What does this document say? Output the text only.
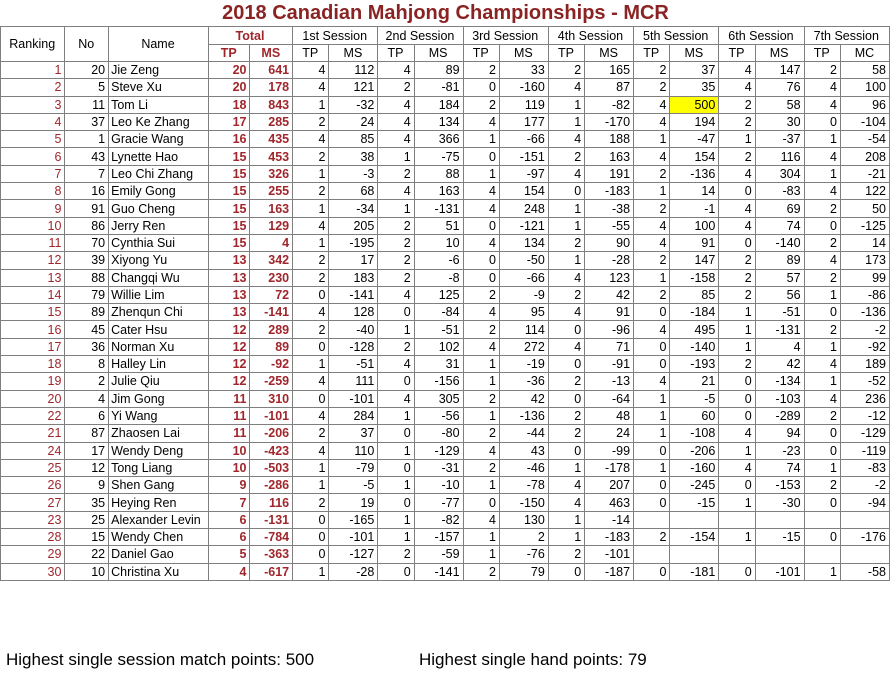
2018 Canadian Mahjong Championships - MCR
Ranking	No	Name	Total		1st Session		2nd Session		3rd Session		4th Session		5th Session		6th Session		7th Session	
			TP	MS	TP	MS	TP	MS	TP	MS	TP	MS	TP	MS	TP	MS	TP	MC
1	20	Jie Zeng	20	641	4	112	4	89	2	33	2	165	2	37	4	147	2	58
2	5	Steve Xu	20	178	4	121	2	-81	0	-160	4	87	2	35	4	76	4	100
3	11	Tom Li	18	843	1	-32	4	184	2	119	1	-82	4	500	2	58	4	96
4	37	Leo Ke Zhang	17	285	2	24	4	134	4	177	1	-170	4	194	2	30	0	-104
5	1	Gracie Wang	16	435	4	85	4	366	1	-66	4	188	1	-47	1	-37	1	-54
6	43	Lynette Hao	15	453	2	38	1	-75	0	-151	2	163	4	154	2	116	4	208
7	7	Leo Chi Zhang	15	326	1	-3	2	88	1	-97	4	191	2	-136	4	304	1	-21
8	16	Emily Gong	15	255	2	68	4	163	4	154	0	-183	1	14	0	-83	4	122
9	91	Guo Cheng	15	163	1	-34	1	-131	4	248	1	-38	2	-1	4	69	2	50
10	86	Jerry Ren	15	129	4	205	2	51	0	-121	1	-55	4	100	4	74	0	-125
11	70	Cynthia Sui	15	4	1	-195	2	10	4	134	2	90	4	91	0	-140	2	14
12	39	Xiyong Yu	13	342	2	17	2	-6	0	-50	1	-28	2	147	2	89	4	173
13	88	Changqi Wu	13	230	2	183	2	-8	0	-66	4	123	1	-158	2	57	2	99
14	79	Willie Lim	13	72	0	-141	4	125	2	-9	2	42	2	85	2	56	1	-86
15	89	Zhenqun Chi	13	-141	4	128	0	-84	4	95	4	91	0	-184	1	-51	0	-136
16	45	Cater Hsu	12	289	2	-40	1	-51	2	114	0	-96	4	495	1	-131	2	-2
17	36	Norman Xu	12	89	0	-128	2	102	4	272	4	71	0	-140	1	4	1	-92
18	8	Halley Lin	12	-92	1	-51	4	31	1	-19	0	-91	0	-193	2	42	4	189
19	2	Julie Qiu	12	-259	4	111	0	-156	1	-36	2	-13	4	21	0	-134	1	-52
20	4	Jim Gong	11	310	0	-101	4	305	2	42	0	-64	1	-5	0	-103	4	236
22	6	Yi Wang	11	-101	4	284	1	-56	1	-136	2	48	1	60	0	-289	2	-12
21	87	Zhaosen Lai	11	-206	2	37	0	-80	2	-44	2	24	1	-108	4	94	0	-129
24	17	Wendy Deng	10	-423	4	110	1	-129	4	43	0	-99	0	-206	1	-23	0	-119
25	12	Tong Liang	10	-503	1	-79	0	-31	2	-46	1	-178	1	-160	4	74	1	-83
26	9	Shen Gang	9	-286	1	-5	1	-10	1	-78	4	207	0	-245	0	-153	2	-2
27	35	Heying Ren	7	116	2	19	0	-77	0	-150	4	463	0	-15	1	-30	0	-94
23	25	Alexander Levin	6	-131	0	-165	1	-82	4	130	1	-14						
28	15	Wendy Chen	6	-784	0	-101	1	-157	1	2	1	-183	2	-154	1	-15	0	-176
29	22	Daniel Gao	5	-363	0	-127	2	-59	1	-76	2	-101						
30	10	Christina Xu	4	-617	1	-28	0	-141	2	79	0	-187	0	-181	0	-101	1	-58
Highest single session match points: 500	Highest single hand points: 79
